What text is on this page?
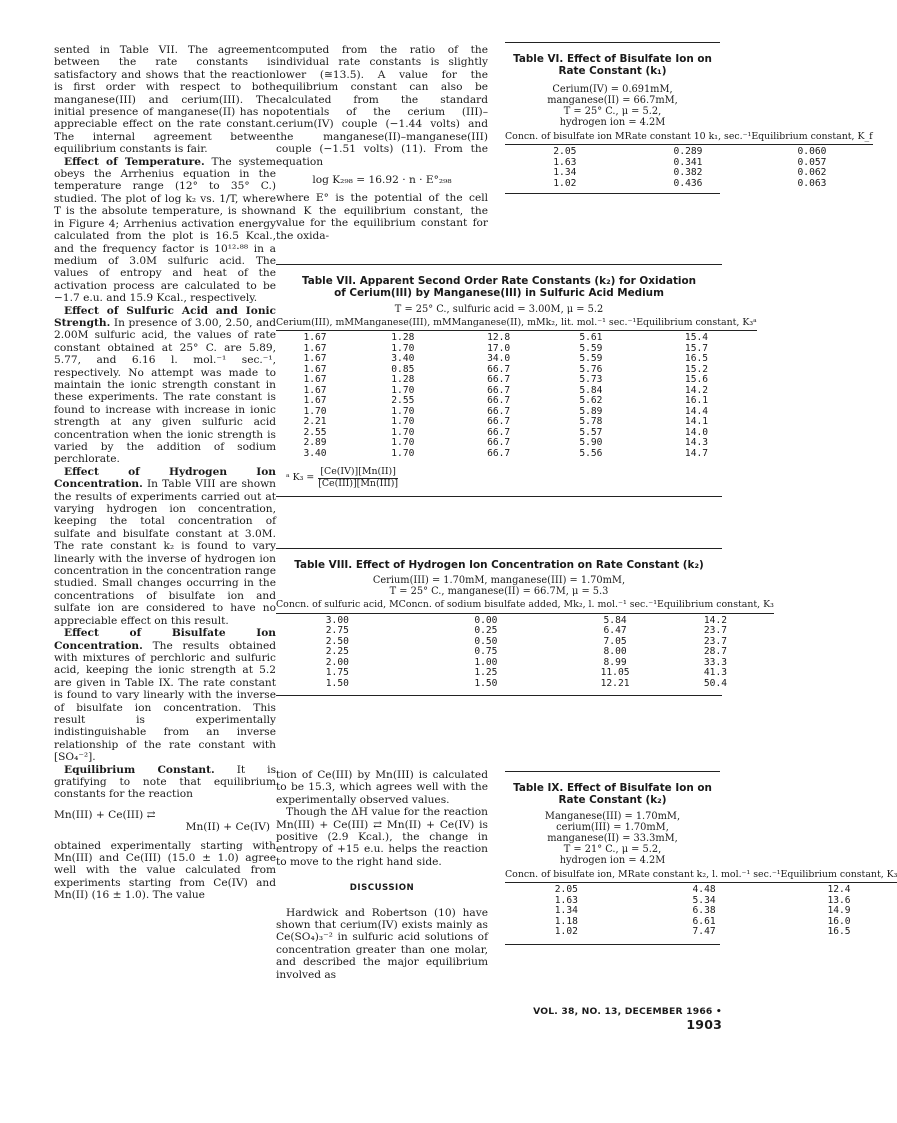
sented in Table VII. The agreement between the rate constants is satisfactory and shows that the reaction is first order with respect to both manganese(III) and cerium(III). The initial presence of manganese(II) has no appreciable effect on the rate constant. The internal agreement between equilibrium constants is fair.

Effect of Temperature. The system obeys the Arrhenius equation in the temperature range (12° to 35° C.) studied. The plot of log k₂ vs. 1/T, where T is the absolute temperature, is shown in Figure 4; Arrhenius activation energy calculated from the plot is 16.5 Kcal., and the frequency factor is 10¹²·⁸⁸ in a medium of 3.0M sulfuric acid. The values of entropy and heat of the activation process are calculated to be −1.7 e.u. and 15.9 Kcal., respectively.

Effect of Sulfuric Acid and Ionic Strength. In presence of 3.00, 2.50, and 2.00M sulfuric acid, the values of rate constant obtained at 25° C. are 5.89, 5.77, and 6.16 l. mol.⁻¹ sec.⁻¹, respectively. No attempt was made to maintain the ionic strength constant in these experiments. The rate constant is found to increase with increase in ionic strength at any given sulfuric acid concentration when the ionic strength is varied by the addition of sodium perchlorate.

Effect of Hydrogen Ion Concentration. In Table VIII are shown the results of experiments carried out at varying hydrogen ion concentration, keeping the total concentration of sulfate and bisulfate constant at 3.0M. The rate constant k₂ is found to vary linearly with the inverse of hydrogen ion concentration in the concentration range studied. Small changes occurring in the concentrations of bisulfate ion and sulfate ion are considered to have no appreciable effect on this result.

Effect of Bisulfate Ion Concentration. The results obtained with mixtures of perchloric and sulfuric acid, keeping the ionic strength at 5.2 are given in Table IX. The rate constant is found to vary linearly with the inverse of bisulfate ion concentration. This result is experimentally indistinguishable from an inverse relationship of the rate constant with [SO₄⁻²].

Equilibrium Constant. It is gratifying to note that equilibrium constants for the reaction

Mn(III) + Ce(III) ⇄
Mn(II) + Ce(IV)

obtained experimentally starting with Mn(III) and Ce(III) (15.0 ± 1.0) agree well with the value calculated from experiments starting from Ce(IV) and Mn(II) (16 ± 1.0). The value

computed from the ratio of the individual rate constants is slightly lower (≅13.5). A value for the equilibrium constant can also be calculated from the standard potentials of the cerium (III)–cerium(IV) couple (−1.44 volts) and the manganese(II)–manganese(III) couple (−1.51 volts) (11). From the equation

log K₂₉₈ = 16.92 · n · E°₂₉₈

where E° is the potential of the cell and K the equilibrium constant, the value for the equilibrium constant for the oxida-

tion of Ce(III) by Mn(III) is calculated to be 15.3, which agrees well with the experimentally observed values.

Though the ΔH value for the reaction Mn(III) + Ce(III) ⇄ Mn(II) + Ce(IV) is positive (2.9 Kcal.), the change in entropy of +15 e.u. helps the reaction to move to the right hand side.

DISCUSSION

Hardwick and Robertson (10) have shown that cerium(IV) exists mainly as Ce(SO₄)₃⁻² in sulfuric acid solutions of concentration greater than one molar, and described the major equilibrium involved as

Table VI. Effect of Bisulfate Ion on Rate Constant (k₁)
Cerium(IV) = 0.691mM,
manganese(II) = 66.7mM,
T = 25° C., μ = 5.2,
hydrogen ion = 4.2M
Concn. of bisulfate ion M	Rate constant 10 k₁, sec.⁻¹	Equilibrium constant, K_f

2.05	0.289	0.060
1.63	0.341	0.057
1.34	0.382	0.062
1.02	0.436	0.063
Table VII. Apparent Second Order Rate Constants (k₂) for Oxidation of Cerium(III) by Manganese(III) in Sulfuric Acid Medium
T = 25° C., sulfuric acid = 3.00M, μ = 5.2
Cerium(III), mM	Manganese(III), mM	Manganese(II), mM	k₂, lit. mol.⁻¹ sec.⁻¹	Equilibrium constant, K₃ᵃ

1.67	1.28	12.8	5.61	15.4
1.67	1.70	17.0	5.59	15.7
1.67	3.40	34.0	5.59	16.5
1.67	0.85	66.7	5.76	15.2
1.67	1.28	66.7	5.73	15.6
1.67	1.70	66.7	5.84	14.2
1.67	2.55	66.7	5.62	16.1
1.70	1.70	66.7	5.89	14.4
2.21	1.70	66.7	5.78	14.1
2.55	1.70	66.7	5.57	14.0
2.89	1.70	66.7	5.90	14.3
3.40	1.70	66.7	5.56	14.7
ᵃ K₃ =
[Ce(IV)][Mn(II)]
[Ce(III)][Mn(III)]
Table VIII. Effect of Hydrogen Ion Concentration on Rate Constant (k₂)
Cerium(III) = 1.70mM, manganese(III) = 1.70mM,
T = 25° C., manganese(II) = 66.7M, μ = 5.3
Concn. of sulfuric acid, M	Concn. of sodium bisulfate added, M	k₂, l. mol.⁻¹ sec.⁻¹	Equilibrium constant, K₃

3.00	0.00	5.84	14.2
2.75	0.25	6.47	23.7
2.50	0.50	7.05	23.7
2.25	0.75	8.00	28.7
2.00	1.00	8.99	33.3
1.75	1.25	11.05	41.3
1.50	1.50	12.21	50.4
Table IX. Effect of Bisulfate Ion on Rate Constant (k₂)
Manganese(III) = 1.70mM,
cerium(III) = 1.70mM,
manganese(II) = 33.3mM,
T = 21° C., μ = 5.2,
hydrogen ion = 4.2M
Concn. of bisulfate ion, M	Rate constant k₂, l. mol.⁻¹ sec.⁻¹	Equilibrium constant, K₃

2.05	4.48	12.4
1.63	5.34	13.6
1.34	6.38	14.9
1.18	6.61	16.0
1.02	7.47	16.5
VOL. 38, NO. 13, DECEMBER 1966 • 1903
